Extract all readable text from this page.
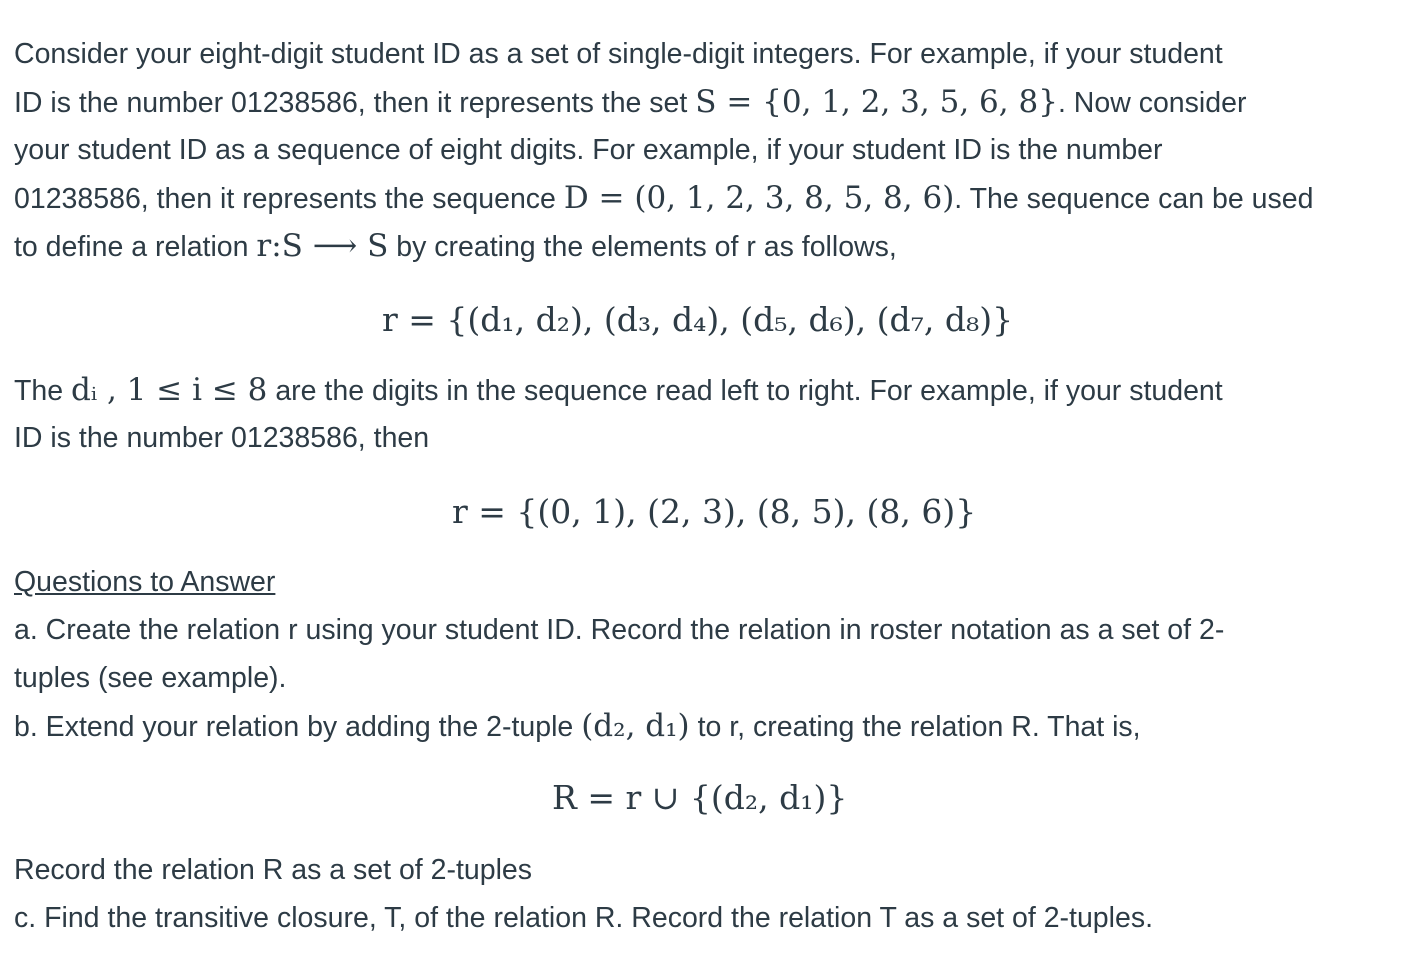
Consider your eight-digit student ID as a set of single-digit integers. For example, if your student
ID is the number 01238586, then it represents the set S = {0, 1, 2, 3, 5, 6, 8}. Now consider
your student ID as a sequence of eight digits. For example, if your student ID is the number
01238586, then it represents the sequence D = (0, 1, 2, 3, 8, 5, 8, 6). The sequence can be used
to define a relation r:S ⟶ S by creating the elements of r as follows,
r = {(d₁, d₂), (d₃, d₄), (d₅, d₆), (d₇, d₈)}
The dᵢ , 1 ≤ i ≤ 8 are the digits in the sequence read left to right. For example, if your student
ID is the number 01238586, then
r = {(0, 1), (2, 3), (8, 5), (8, 6)}
Questions to Answer
a. Create the relation r using your student ID. Record the relation in roster notation as a set of 2-
tuples (see example).
b. Extend your relation by adding the 2-tuple (d₂, d₁) to r, creating the relation R. That is,
R = r ∪ {(d₂, d₁)}
Record the relation R as a set of 2-tuples
c. Find the transitive closure, T, of the relation R. Record the relation T as a set of 2-tuples.
